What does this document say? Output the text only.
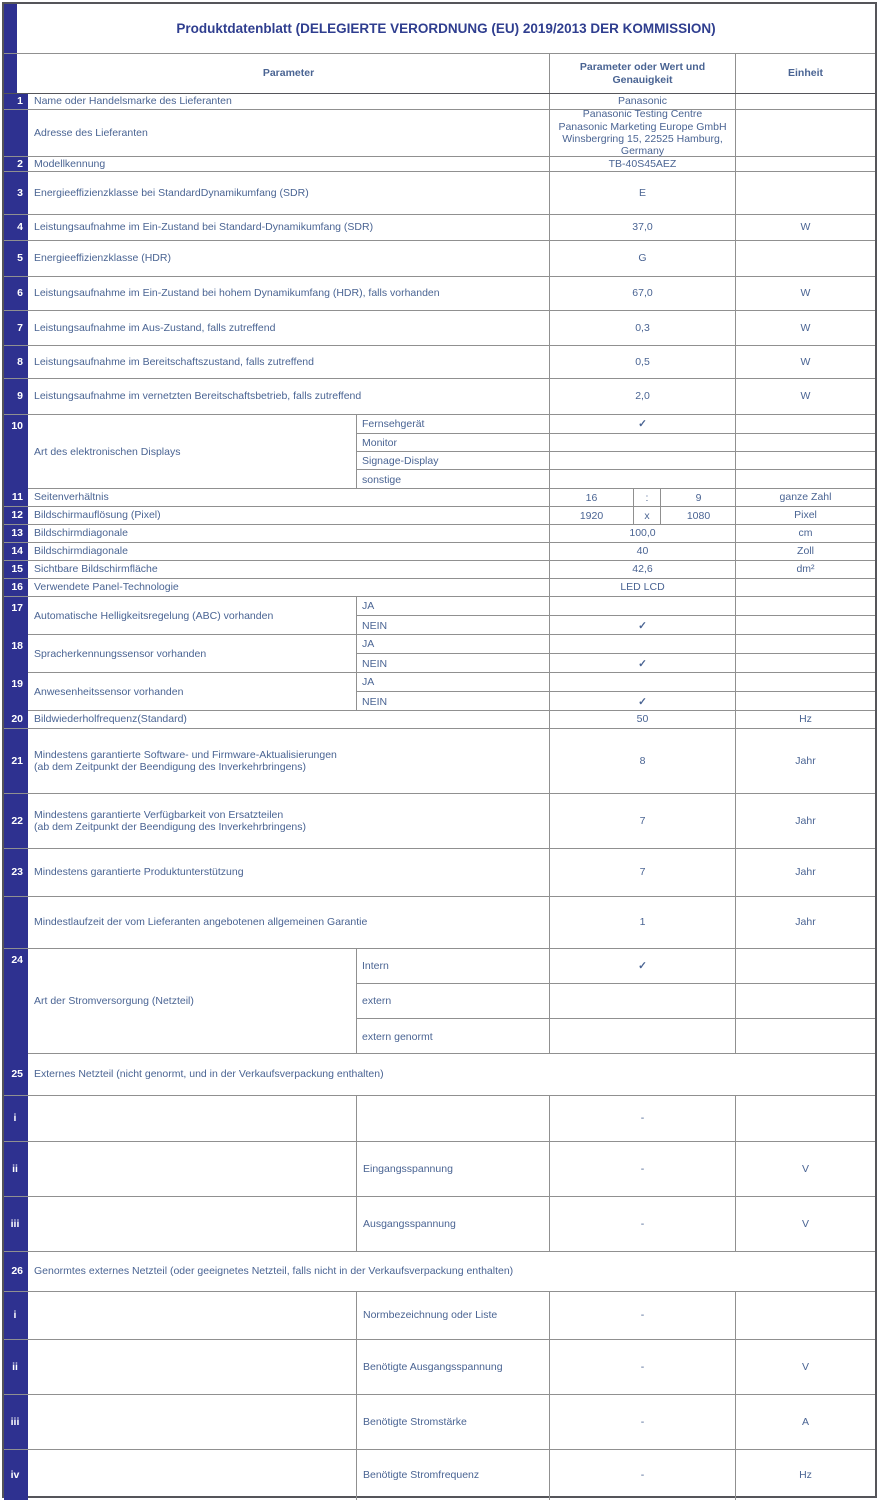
Produktdatenblatt (DELEGIERTE VERORDNUNG (EU) 2019/2013 DER KOMMISSION)
Parameter
Parameter oder Wert und Genauigkeit
Einheit
1 Name oder Handelsmarke des Lieferanten	Panasonic
Adresse des Lieferanten
Panasonic Testing Centre
Panasonic Marketing Europe GmbH
Winsbergring 15, 22525 Hamburg,
Germany
2 Modellkennung	TB-40S45AEZ
3 Energieeffizienzklasse bei StandardDynamikumfang (SDR)	E
4 Leistungsaufnahme im Ein-Zustand bei Standard-Dynamikumfang (SDR)	37,0	W
5 Energieeffizienzklasse (HDR)	G
6 Leistungsaufnahme im Ein-Zustand bei hohem Dynamikumfang (HDR), falls vorhanden	67,0	W
7 Leistungsaufnahme im Aus-Zustand, falls zutreffend	0,3	W
8 Leistungsaufnahme im Bereitschaftszustand, falls zutreffend	0,5	W
9 Leistungsaufnahme im vernetzten Bereitschaftsbetrieb, falls zutreffend	2,0	W
10
Art des elektronischen Displays
Fernsehgerät	✓
Monitor
Signage-Display
sonstige
11 Seitenverhältnis	16	:	9	ganze Zahl
12 Bildschirmauflösung (Pixel)	1920	x	1080	Pixel
13 Bildschirmdiagonale	100,0	cm
14 Bildschirmdiagonale	40	Zoll
15 Sichtbare Bildschirmfläche	42,6	dm²
16 Verwendete Panel-Technologie	LED LCD
17
Automatische Helligkeitsregelung (ABC) vorhanden
JA
NEIN	✓
18
Spracherkennungssensor vorhanden
JA
NEIN	✓
19
Anwesenheitssensor vorhanden
JA
NEIN	✓
20 Bildwiederholfrequenz(Standard)	50	Hz
21
Mindestens garantierte Software- und Firmware-Aktualisierungen
(ab dem Zeitpunkt der Beendigung des Inverkehrbringens)
8	Jahr
22
Mindestens garantierte Verfügbarkeit von Ersatzteilen
(ab dem Zeitpunkt der Beendigung des Inverkehrbringens)
7	Jahr
23 Mindestens garantierte Produktunterstützung	7	Jahr
Mindestlaufzeit der vom Lieferanten angebotenen allgemeinen Garantie	1	Jahr
24
Art der Stromversorgung (Netzteil)
Intern	✓
extern
extern genormt
25	Externes Netzteil (nicht genormt, und in der Verkaufsverpackung enthalten)
i	-
ii	Eingangsspannung	-	V
iii	Ausgangsspannung	-	V
26	Genormtes externes Netzteil (oder geeignetes Netzteil, falls nicht in der Verkaufsverpackung enthalten)
i	Normbezeichnung oder Liste	-
ii	Benötigte Ausgangsspannung	-	V
iii	Benötigte Stromstärke	-	A
iv	Benötigte Stromfrequenz	-	Hz
